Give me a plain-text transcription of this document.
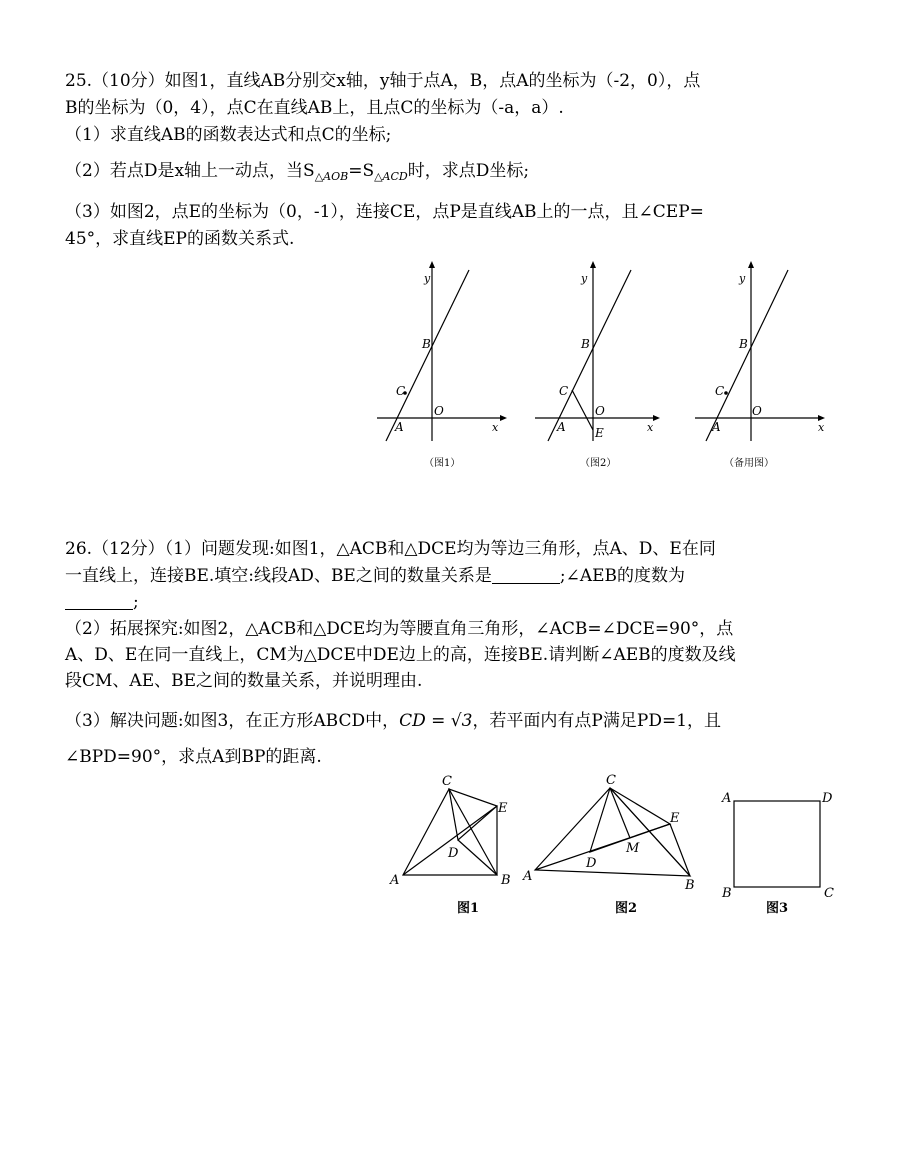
25.（10分）如图1，直线AB分别交x轴，y轴于点A，B，点A的坐标为（-2，0），点
B的坐标为（0，4），点C在直线AB上，且点C的坐标为（-a，a）.
（1）求直线AB的函数表达式和点C的坐标;
（2）若点D是x轴上一动点，当$S_{\triangle AOB}=S_{\triangle ACD}$时，求点D坐标;
（3）如图2，点E的坐标为（0，-1），连接CE，点P是直线AB上的一点，且∠CEP=
45°，求直线EP的函数关系式.
y
B
C
O
A	x
（图1）
y
B
C
O
A E	x
（图2）
y
B
C
O
A	x
（备用图）
26.（12分）（1）问题发现:如图1，△ACB和△DCE均为等边三角形，点A、D、E在同
一直线上，连接BE.填空:线段AD、BE之间的数量关系是	;∠AEB的度数为
;
（2）拓展探究:如图2，△ACB和△DCE均为等腰直角三角形，∠ACB=∠DCE=90°，点
A、D、E在同一直线上，CM为△DCE中DE边上的高，连接BE.请判断∠AEB的度数及线
段CM、AE、BE之间的数量关系，并说明理由.
（3）解决问题:如图3，在正方形ABCD中，CD = √3，若平面内有点P满足PD=1，且
∠BPD=90°，求点A到BP的距离.
C
E
D
A	B
图1
C
E
M
D
A
B
图2
A	D
B	C
图3
